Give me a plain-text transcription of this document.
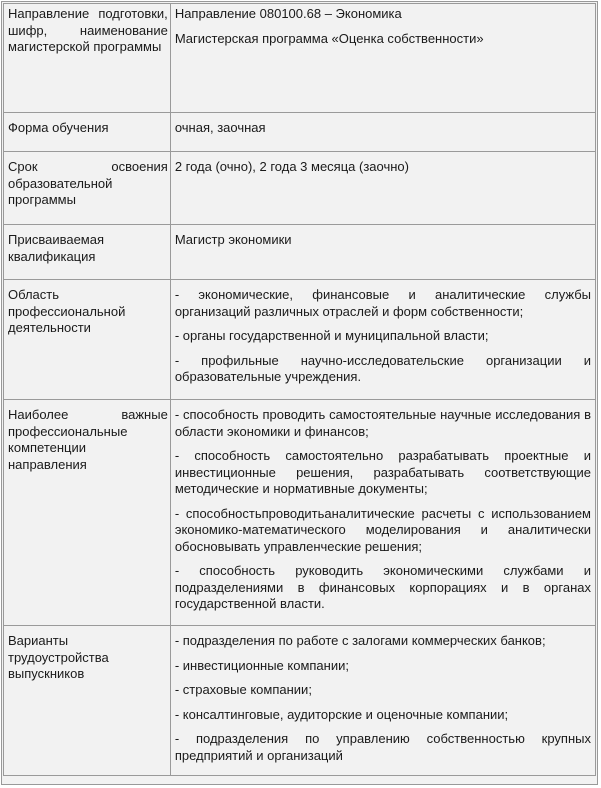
Направление подготовки, шифр, наименование магистерской программы	Направление 080100.68 – Экономика
Магистерская программа «Оценка собственности»

Форма обучения	очная, заочная

Срок освоения образовательной программы	2 года (очно), 2 года 3 месяца (заочно)

Присваиваемая квалификация	Магистр экономики

Область профессиональной деятельности	- экономические, финансовые и аналитические службы организаций различных отраслей и форм собственности;
- органы государственной и муниципальной власти;
- профильные научно-исследовательские организации и образовательные учреждения.

Наиболее важные профессиональные компетенции направления	- способность проводить самостоятельные научные исследования в области экономики и финансов;
- способность самостоятельно разрабатывать проектные и инвестиционные решения, разрабатывать соответствующие методические и нормативные документы;
- способностьпроводитьаналитические расчеты с использованием экономико-математического моделирования и аналитически обосновывать управленческие решения;
- способность руководить экономическими службами и подразделениями в финансовых корпорациях и в органах государственной власти.

Варианты трудоустройства выпускников	- подразделения по работе с залогами коммерческих банков;
- инвестиционные компании;
- страховые компании;
- консалтинговые, аудиторские и оценочные компании;
- подразделения по управлению собственностью крупных предприятий и организаций
